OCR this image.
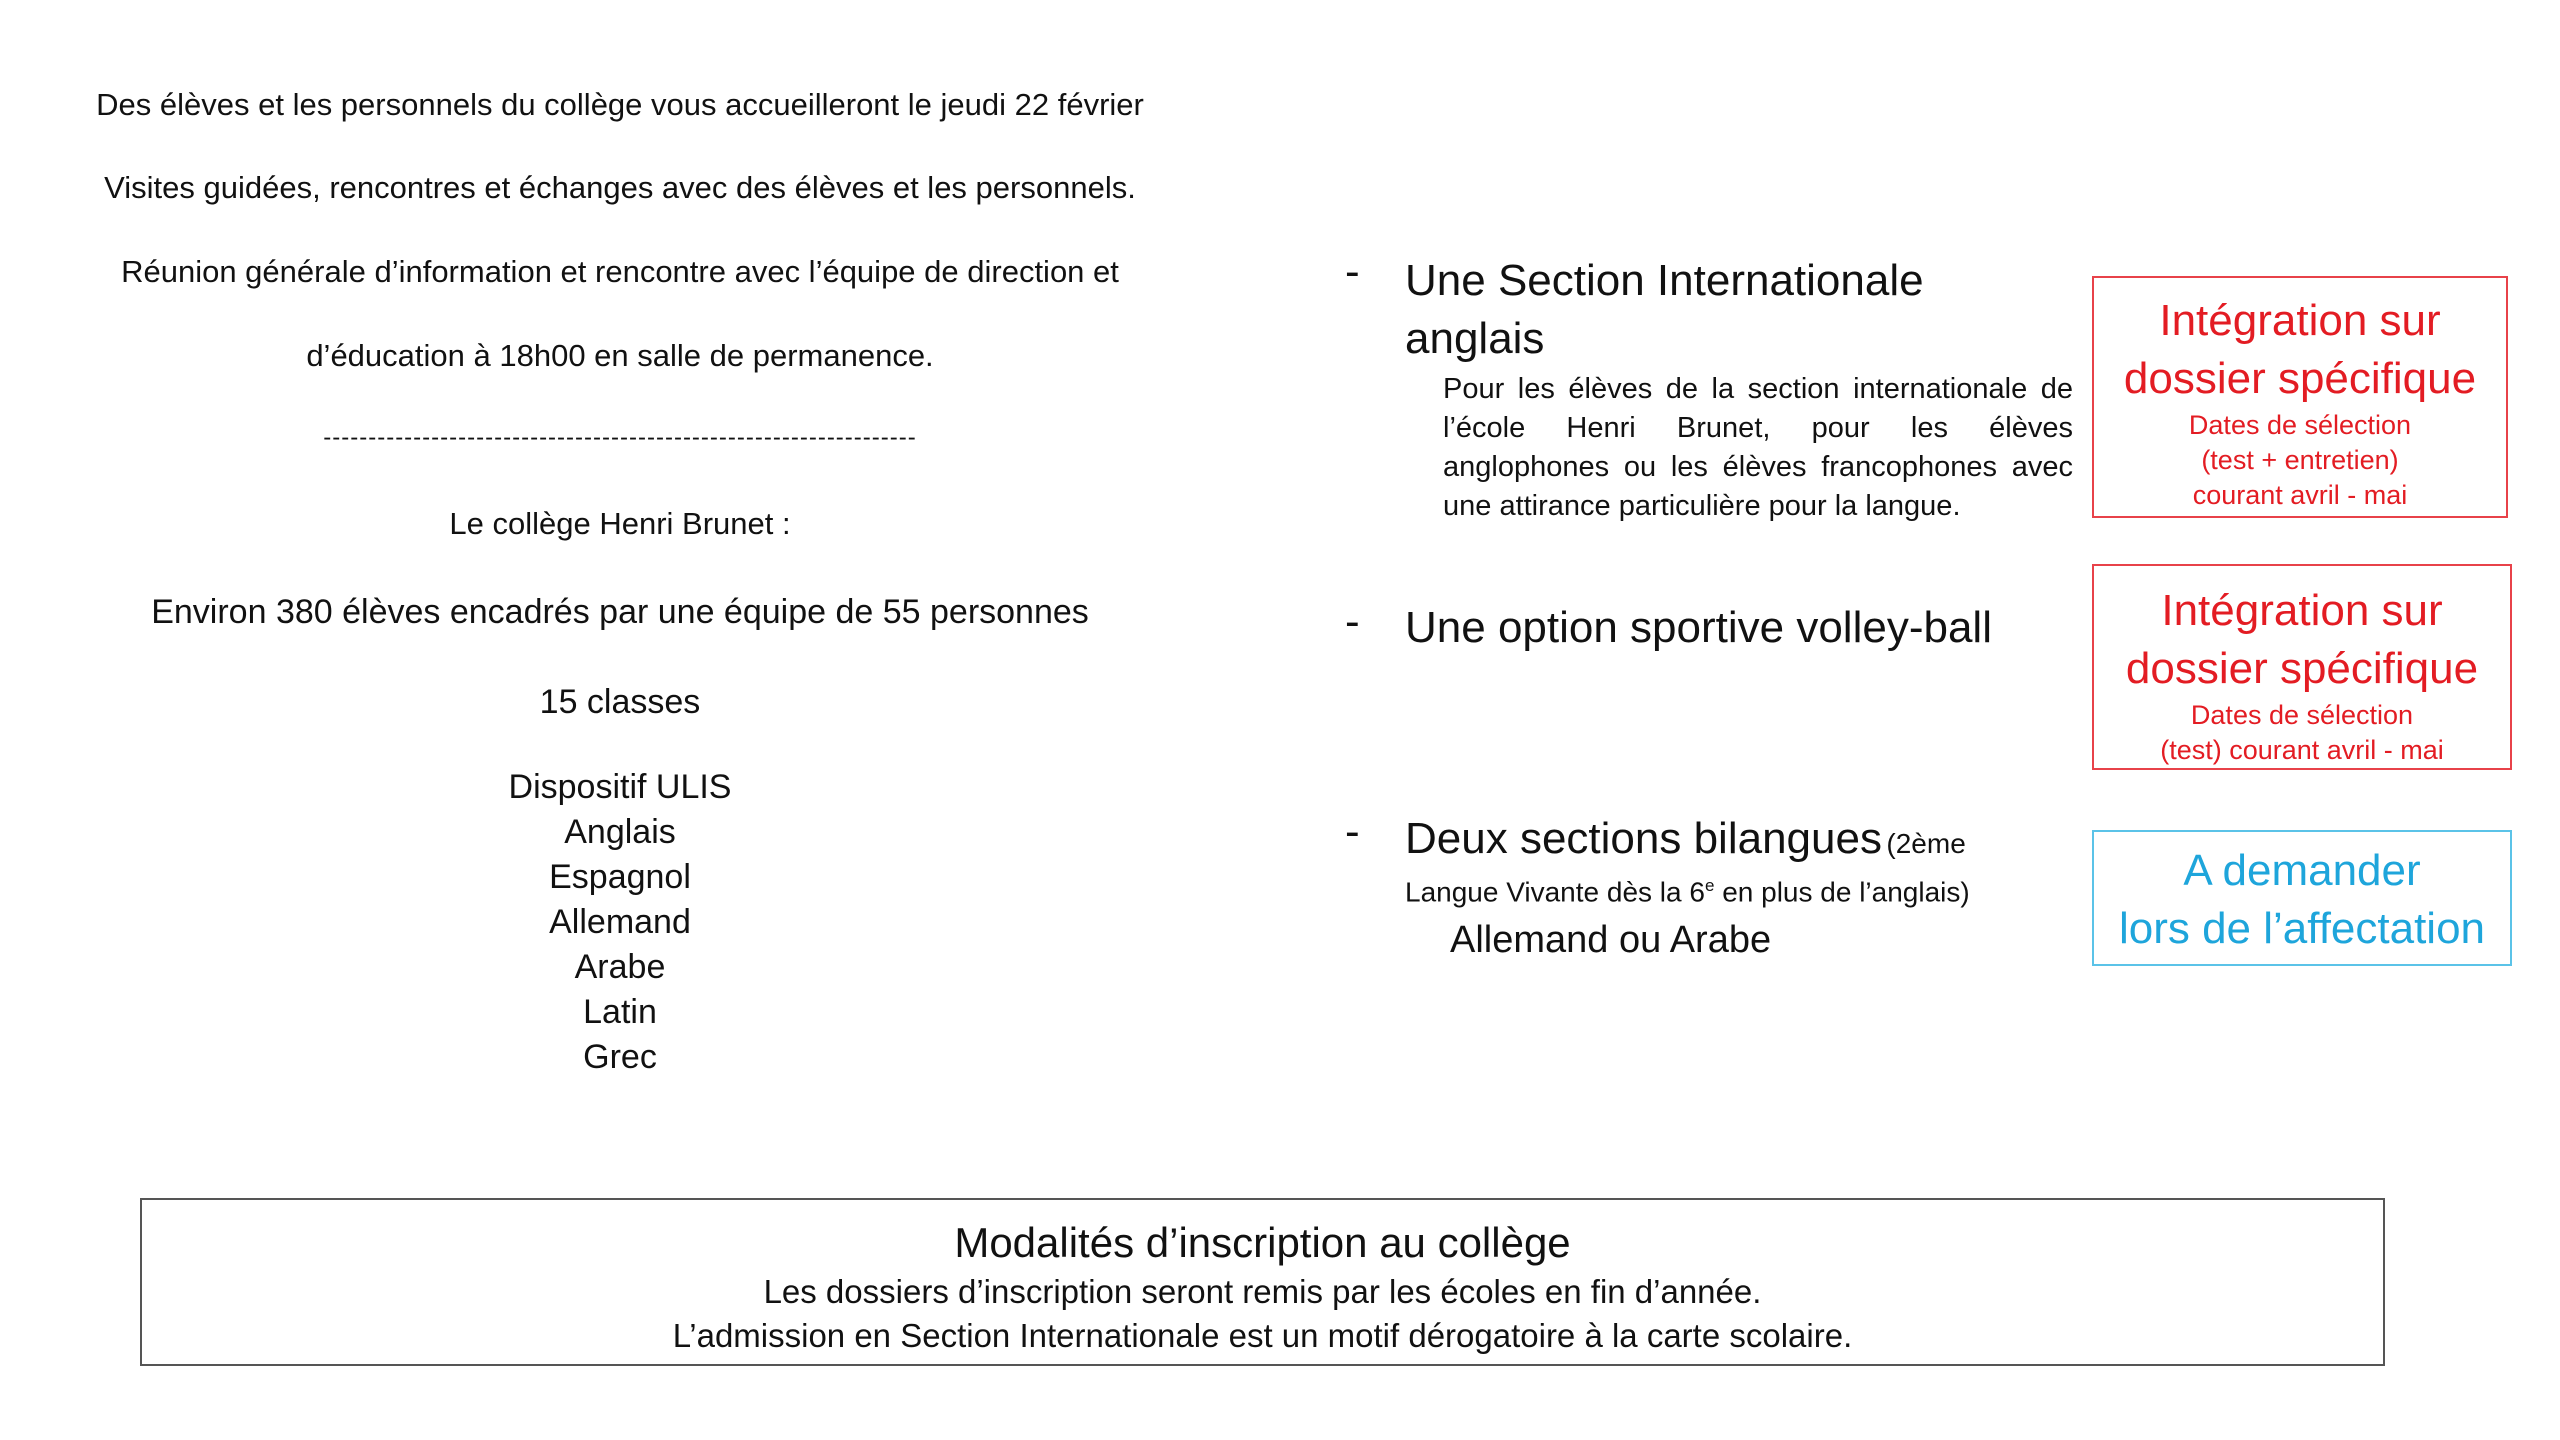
Des élèves et les personnels du collège vous accueilleront le jeudi 22 février
Visites guidées, rencontres et échanges avec des élèves et les personnels.
Réunion générale d’information et rencontre avec l’équipe de direction et
d’éducation à 18h00 en salle de permanence.
------------------------------------------------------------------
Le collège Henri Brunet :
Environ 380 élèves encadrés par une équipe de 55 personnes
15 classes
Dispositif ULIS
Anglais
Espagnol
Allemand
Arabe
Latin
Grec
- Une Section Internationale
anglais
Pour les élèves de la section internationale de l’école Henri Brunet, pour les élèves anglophones ou les élèves francophones avec une attirance particulière pour la langue.
Intégration sur
dossier spécifique
Dates de sélection
(test + entretien)
courant avril - mai
- Une option sportive volley-ball	Intégration sur
dossier spécifique
Dates de sélection
(test) courant avril - mai
- Deux sections bilangues (2ème
Langue Vivante dès la 6e en plus de l’anglais)
Allemand ou Arabe
A demander
lors de l’affectation
Modalités d’inscription au collège
Les dossiers d’inscription seront remis par les écoles en fin d’année.
L’admission en Section Internationale est un motif dérogatoire à la carte scolaire.
